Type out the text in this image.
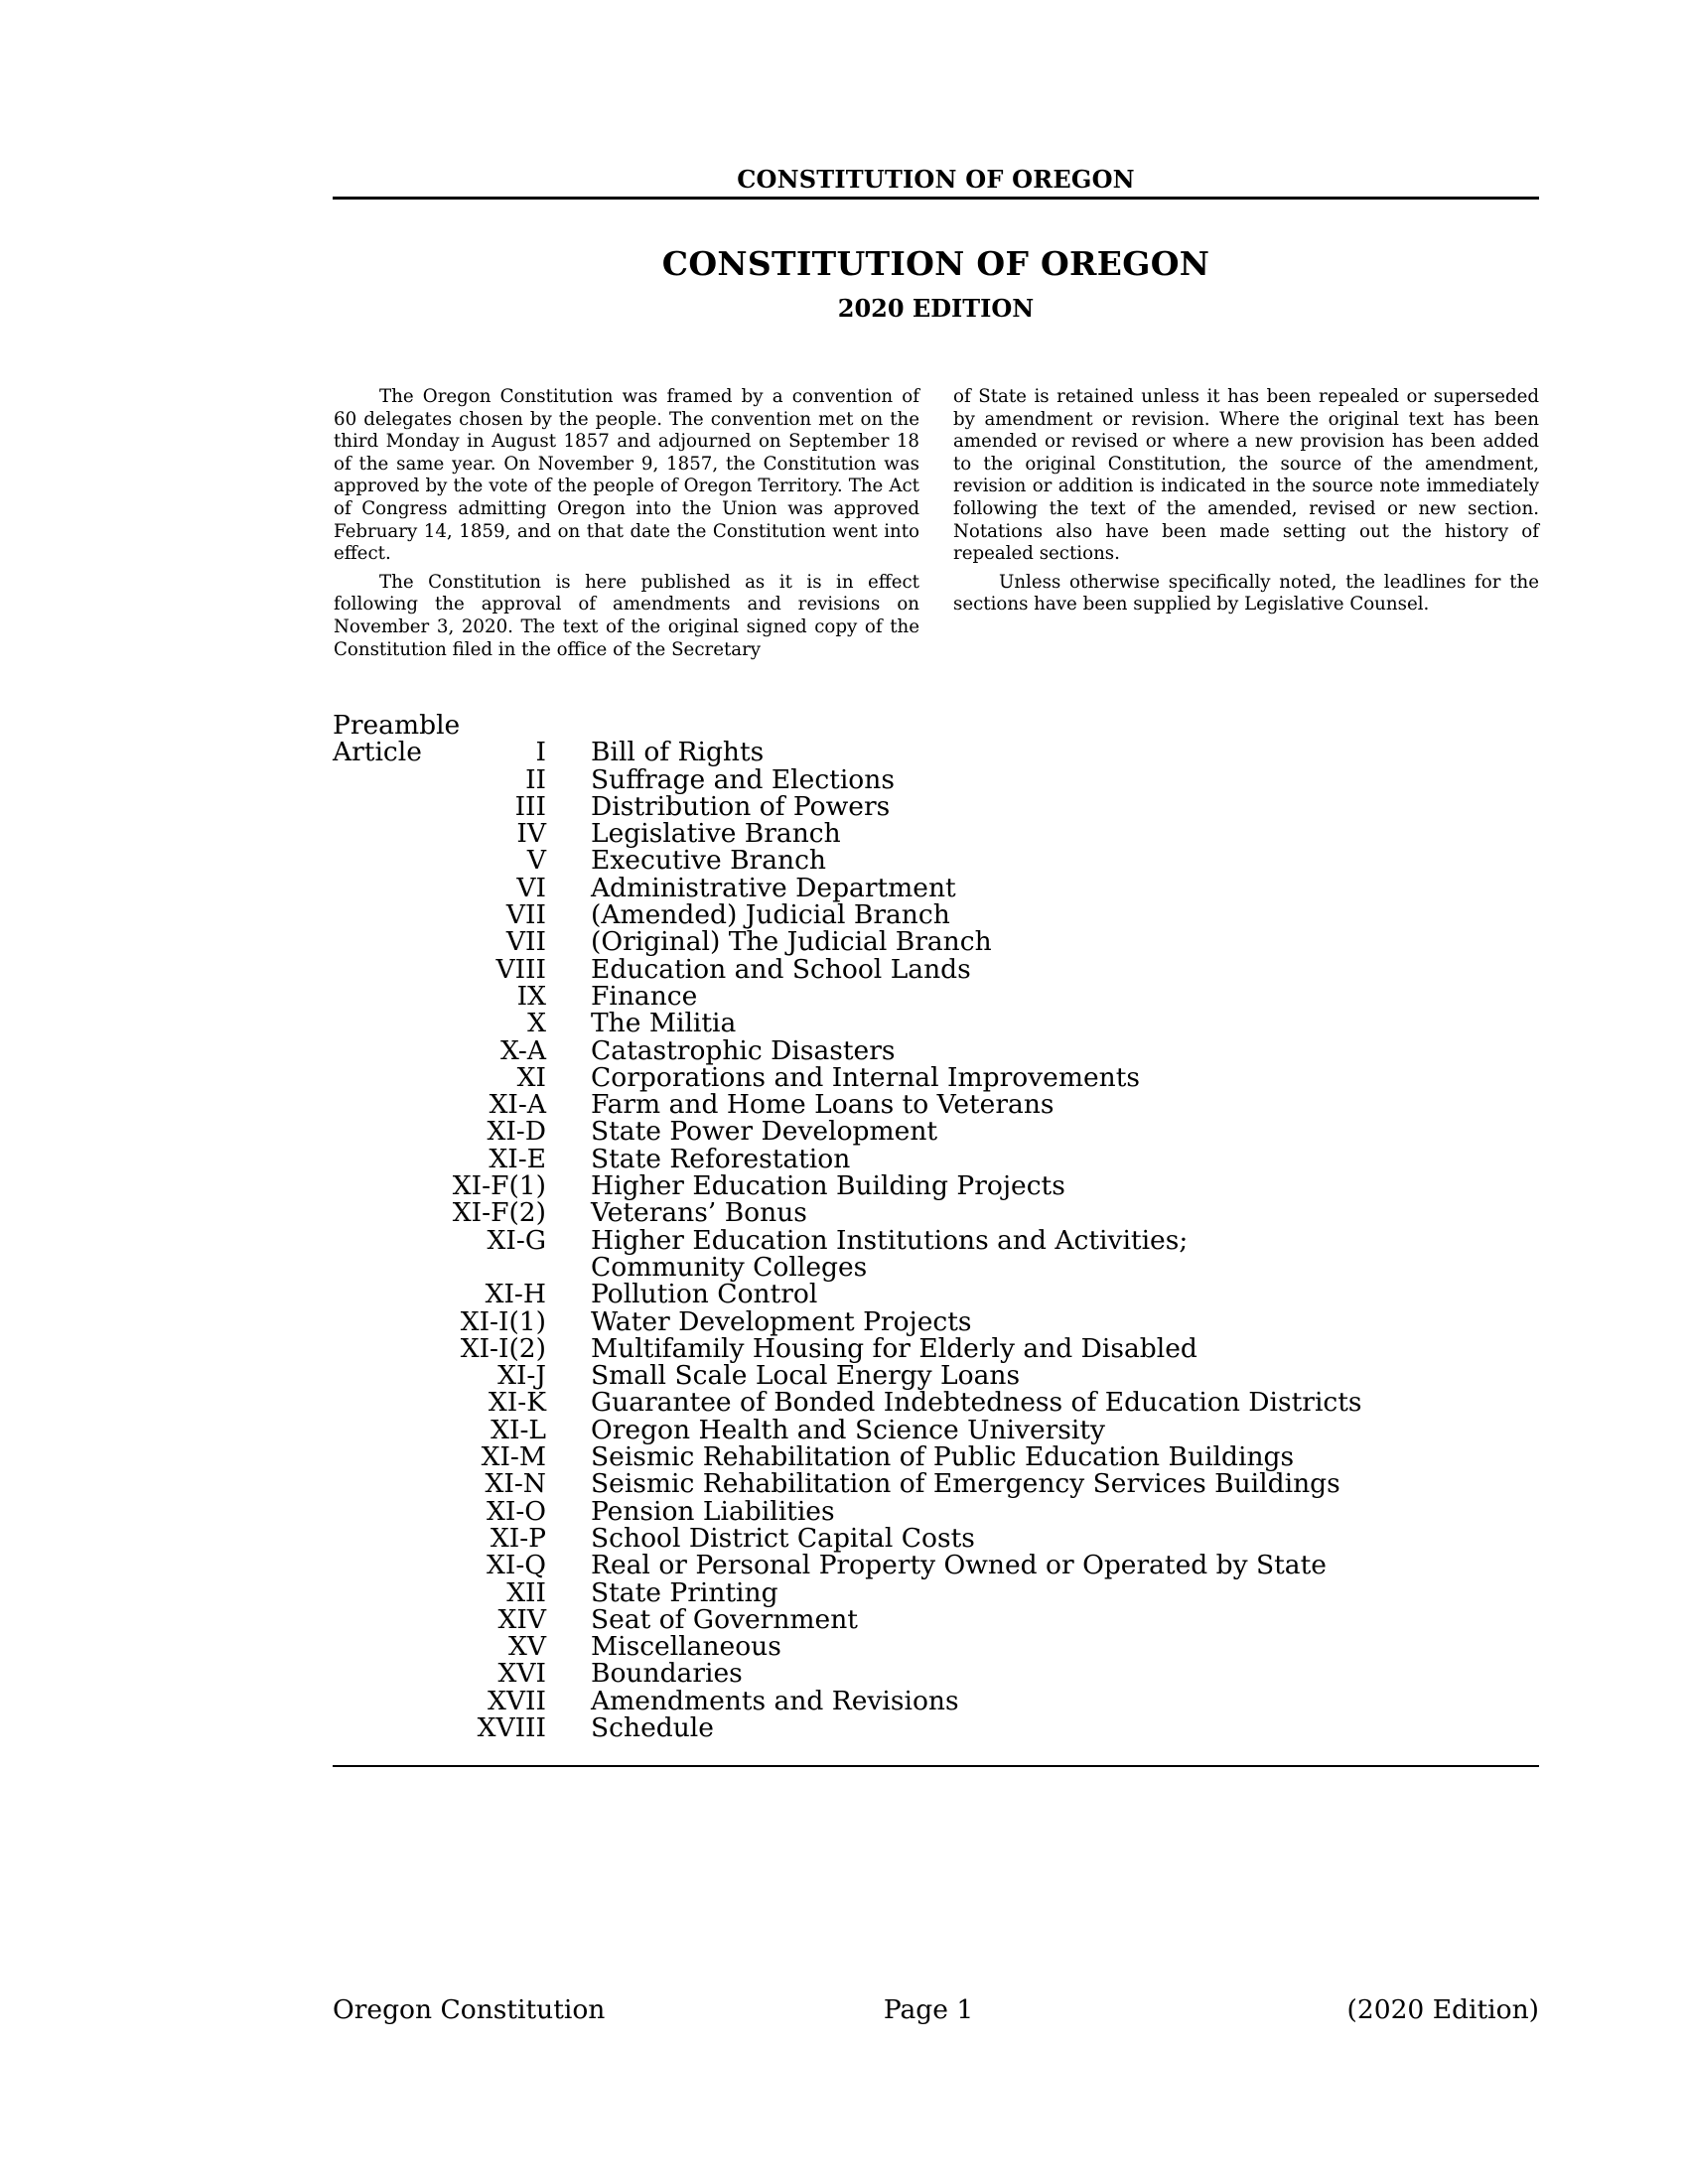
CONSTITUTION OF OREGON
CONSTITUTION OF OREGON
2020 EDITION

The Oregon Constitution was framed by a convention of 60 delegates chosen by the people. The convention met on the third Monday in August 1857 and adjourned on September 18 of the same year. On November 9, 1857, the Constitution was approved by the vote of the people of Oregon Territory. The Act of Congress admitting Oregon into the Union was approved February 14, 1859, and on that date the Constitution went into effect.

The Constitution is here published as it is in effect following the approval of amendments and revisions on November 3, 2020. The text of the original signed copy of the Constitution filed in the office of the Secretary

of State is retained unless it has been repealed or superseded by amendment or revision. Where the original text has been amended or revised or where a new provision has been added to the original Constitution, the source of the amendment, revision or addition is indicated in the source note immediately following the text of the amended, revised or new section. Notations also have been made setting out the history of repealed sections.

Unless otherwise specifically noted, the leadlines for the sections have been supplied by Legislative Counsel.

Preamble
Article	I Bill of Rights
II Suffrage and Elections
III Distribution of Powers
IV Legislative Branch
V Executive Branch
VI Administrative Department
VII (Amended) Judicial Branch
VII (Original) The Judicial Branch
VIII Education and School Lands
IX Finance
X The Militia
X-A Catastrophic Disasters
XI Corporations and Internal Improvements
XI-A Farm and Home Loans to Veterans
XI-D State Power Development
XI-E State Reforestation
XI-F(1) Higher Education Building Projects
XI-F(2) Veterans’ Bonus
XI-G Higher Education Institutions and Activities; Community Colleges
XI-H Pollution Control
XI-I(1) Water Development Projects
XI-I(2) Multifamily Housing for Elderly and Disabled
XI-J Small Scale Local Energy Loans
XI-K Guarantee of Bonded Indebtedness of Education Districts
XI-L Oregon Health and Science University
XI-M Seismic Rehabilitation of Public Education Buildings
XI-N Seismic Rehabilitation of Emergency Services Buildings
XI-O Pension Liabilities
XI-P School District Capital Costs
XI-Q Real or Personal Property Owned or Operated by State
XII State Printing
XIV Seat of Government
XV Miscellaneous
XVI Boundaries
XVII Amendments and Revisions
XVIII Schedule
Oregon Constitution	Page 1	(2020 Edition)
